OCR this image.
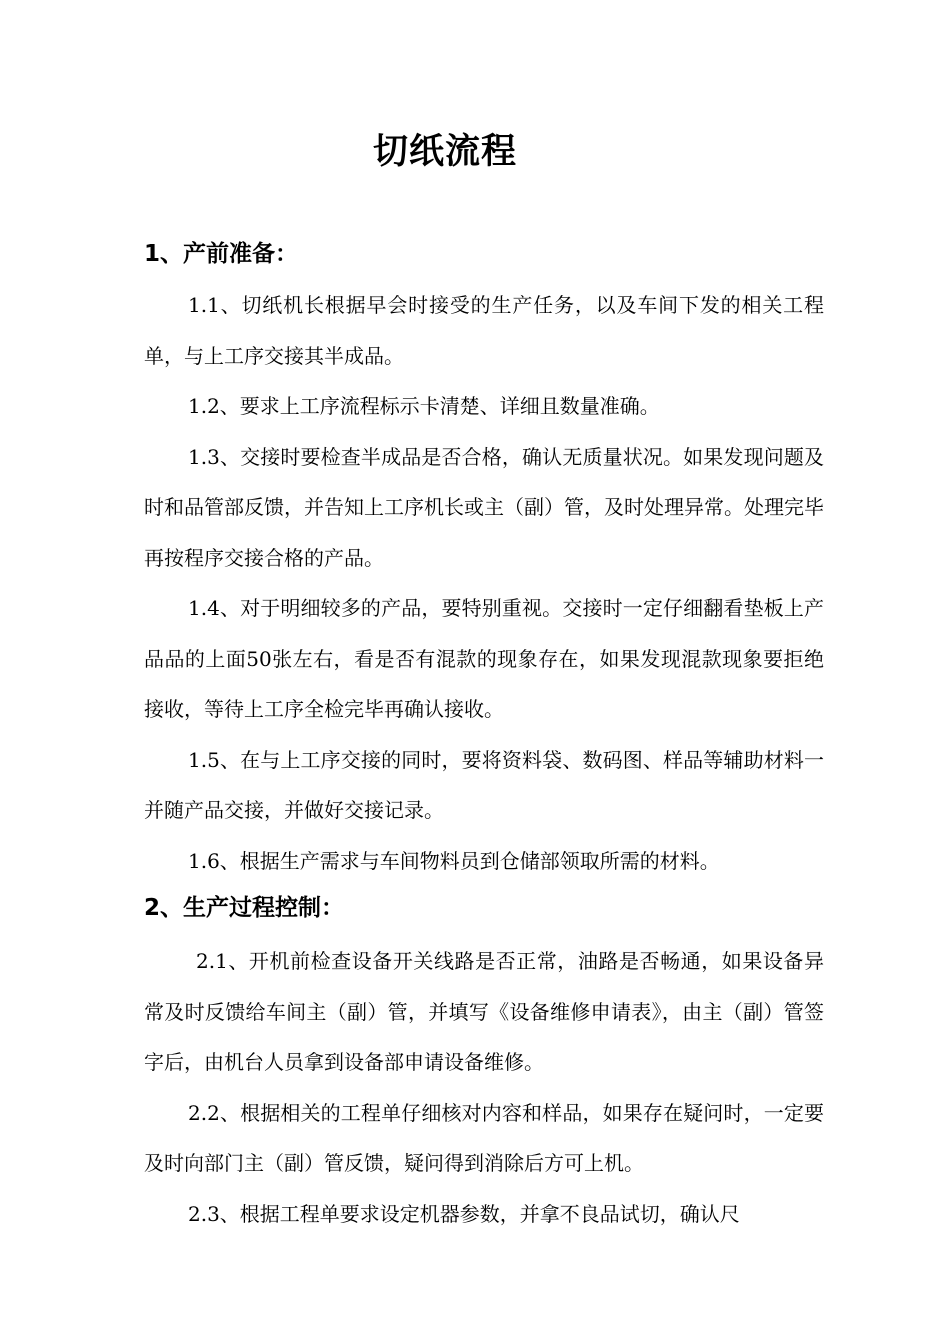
切纸流程

1、产前准备：

1.1、切纸机长根据早会时接受的生产任务，以及车间下发的相关工程单，与上工序交接其半成品。

1.2、要求上工序流程标示卡清楚、详细且数量准确。

1.3、交接时要检查半成品是否合格，确认无质量状况。如果发现问题及时和品管部反馈，并告知上工序机长或主（副）管，及时处理异常。处理完毕再按程序交接合格的产品。

1.4、对于明细较多的产品，要特别重视。交接时一定仔细翻看垫板上产品品的上面50张左右，看是否有混款的现象存在，如果发现混款现象要拒绝接收，等待上工序全检完毕再确认接收。

1.5、在与上工序交接的同时，要将资料袋、数码图、样品等辅助材料一并随产品交接，并做好交接记录。

1.6、根据生产需求与车间物料员到仓储部领取所需的材料。

2、生产过程控制：

2.1、开机前检查设备开关线路是否正常，油路是否畅通，如果设备异常及时反馈给车间主（副）管，并填写《设备维修申请表》，由主（副）管签字后，由机台人员拿到设备部申请设备维修。

2.2、根据相关的工程单仔细核对内容和样品，如果存在疑问时，一定要及时向部门主（副）管反馈，疑问得到消除后方可上机。

2.3、根据工程单要求设定机器参数，并拿不良品试切，确认尺
